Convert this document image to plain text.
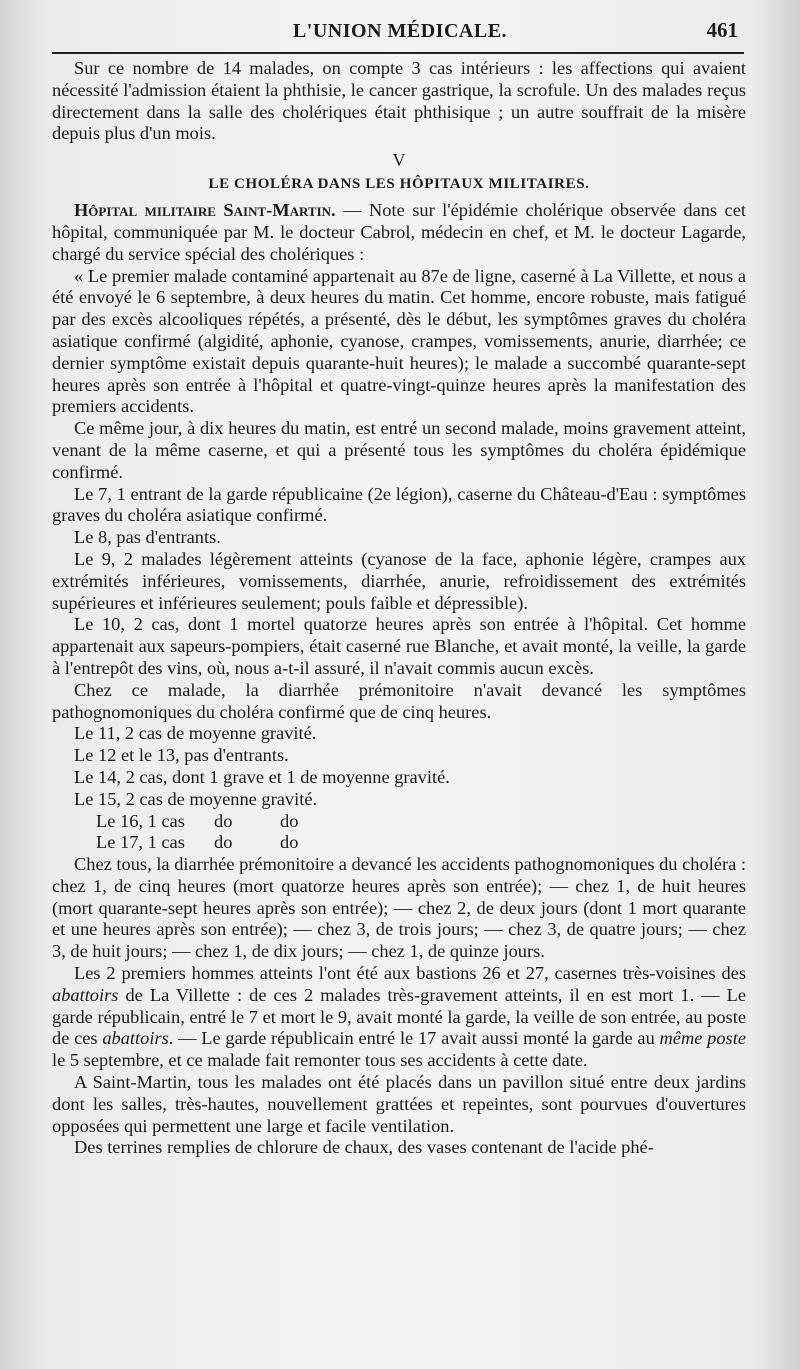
L'UNION MÉDICALE.	461

Sur ce nombre de 14 malades, on compte 3 cas intérieurs : les affections qui avaient nécessité l'admission étaient la phthisie, le cancer gastrique, la scrofule. Un des malades reçus directement dans la salle des cholériques était phthisique ; un autre souffrait de la misère depuis plus d'un mois.

V
LE CHOLÉRA DANS LES HÔPITAUX MILITAIRES.

Hôpital militaire Saint-Martin. — Note sur l'épidémie cholérique observée dans cet hôpital, communiquée par M. le docteur Cabrol, médecin en chef, et M. le docteur Lagarde, chargé du service spécial des cholériques :

« Le premier malade contaminé appartenait au 87e de ligne, caserné à La Villette, et nous a été envoyé le 6 septembre, à deux heures du matin. Cet homme, encore robuste, mais fatigué par des excès alcooliques répétés, a présenté, dès le début, les symptômes graves du choléra asiatique confirmé (algidité, aphonie, cyanose, crampes, vomissements, anurie, diarrhée; ce dernier symptôme existait depuis quarante-huit heures); le malade a succombé quarante-sept heures après son entrée à l'hôpital et quatre-vingt-quinze heures après la manifestation des premiers accidents.

Ce même jour, à dix heures du matin, est entré un second malade, moins gravement atteint, venant de la même caserne, et qui a présenté tous les symptômes du choléra épidémique confirmé.

Le 7, 1 entrant de la garde républicaine (2e légion), caserne du Château-d'Eau : symptômes graves du choléra asiatique confirmé.

Le 8, pas d'entrants.

Le 9, 2 malades légèrement atteints (cyanose de la face, aphonie légère, crampes aux extrémités inférieures, vomissements, diarrhée, anurie, refroidissement des extrémités supérieures et inférieures seulement; pouls faible et dépressible).

Le 10, 2 cas, dont 1 mortel quatorze heures après son entrée à l'hôpital. Cet homme appartenait aux sapeurs-pompiers, était caserné rue Blanche, et avait monté, la veille, la garde à l'entrepôt des vins, où, nous a-t-il assuré, il n'avait commis aucun excès.

Chez ce malade, la diarrhée prémonitoire n'avait devancé les symptômes pathognomoniques du choléra confirmé que de cinq heures.

Le 11, 2 cas de moyenne gravité.

Le 12 et le 13, pas d'entrants.

Le 14, 2 cas, dont 1 grave et 1 de moyenne gravité.

Le 15, 2 cas de moyenne gravité.

Le 16, 1 cas do	do

Le 17, 1 cas do	do

Chez tous, la diarrhée prémonitoire a devancé les accidents pathognomoniques du choléra : chez 1, de cinq heures (mort quatorze heures après son entrée); — chez 1, de huit heures (mort quarante-sept heures après son entrée); — chez 2, de deux jours (dont 1 mort quarante et une heures après son entrée); — chez 3, de trois jours; — chez 3, de quatre jours; — chez 3, de huit jours; — chez 1, de dix jours; — chez 1, de quinze jours.

Les 2 premiers hommes atteints l'ont été aux bastions 26 et 27, casernes très-voisines des abattoirs de La Villette : de ces 2 malades très-gravement atteints, il en est mort 1. — Le garde républicain, entré le 7 et mort le 9, avait monté la garde, la veille de son entrée, au poste de ces abattoirs. — Le garde républicain entré le 17 avait aussi monté la garde au même poste le 5 septembre, et ce malade fait remonter tous ses accidents à cette date.

A Saint-Martin, tous les malades ont été placés dans un pavillon situé entre deux jardins dont les salles, très-hautes, nouvellement grattées et repeintes, sont pourvues d'ouvertures opposées qui permettent une large et facile ventilation.

Des terrines remplies de chlorure de chaux, des vases contenant de l'acide phé-
